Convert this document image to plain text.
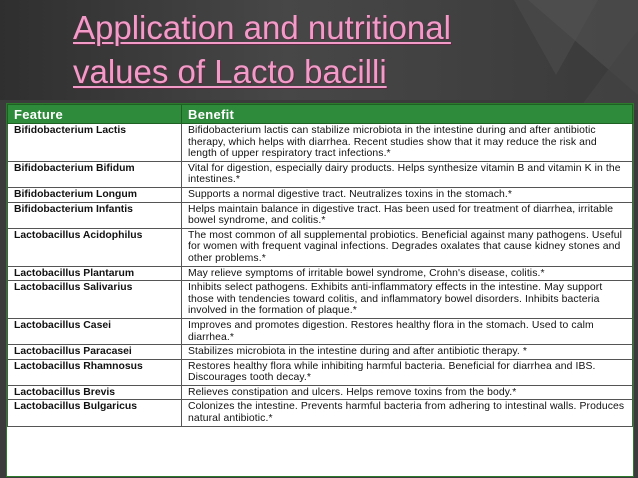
Application and nutritional
values of Lacto bacilli
Feature	Benefit
Bifidobacterium Lactis	Bifidobacterium lactis can stabilize microbiota in the intestine during and after antibiotic therapy, which helps with diarrhea. Recent studies show that it may reduce the risk and length of upper respiratory tract infections.*
Bifidobacterium Bifidum	Vital for digestion, especially dairy products. Helps synthesize vitamin B and vitamin K in the intestines.*
Bifidobacterium Longum	Supports a normal digestive tract. Neutralizes toxins in the stomach.*
Bifidobacterium Infantis	Helps maintain balance in digestive tract. Has been used for treatment of diarrhea, irritable bowel syndrome, and colitis.*
Lactobacillus Acidophilus	The most common of all supplemental probiotics. Beneficial against many pathogens. Useful for women with frequent vaginal infections. Degrades oxalates that cause kidney stones and other problems.*
Lactobacillus Plantarum	May relieve symptoms of irritable bowel syndrome, Crohn's disease, colitis.*
Lactobacillus Salivarius	Inhibits select pathogens. Exhibits anti-inflammatory effects in the intestine. May support those with tendencies toward colitis, and inflammatory bowel disorders. Inhibits bacteria involved in the formation of plaque.*
Lactobacillus Casei	Improves and promotes digestion. Restores healthy flora in the stomach. Used to calm diarrhea.*
Lactobacillus Paracasei	Stabilizes microbiota in the intestine during and after antibiotic therapy. *
Lactobacillus Rhamnosus	Restores healthy flora while inhibiting harmful bacteria. Beneficial for diarrhea and IBS. Discourages tooth decay.*
Lactobacillus Brevis	Relieves constipation and ulcers. Helps remove toxins from the body.*
Lactobacillus Bulgaricus	Colonizes the intestine. Prevents harmful bacteria from adhering to intestinal walls. Produces natural antibiotic.*
